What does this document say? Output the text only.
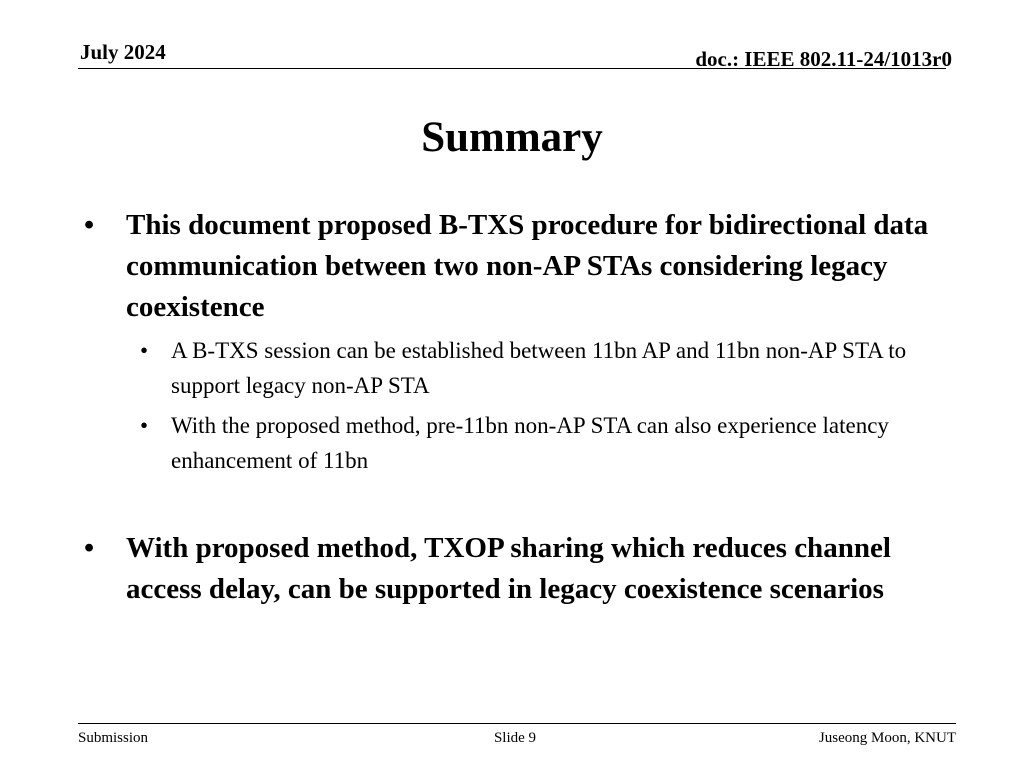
July 2024	doc.: IEEE 802.11-24/1013r0
Summary
• This document proposed B-TXS procedure for bidirectional data communication between two non-AP STAs considering legacy coexistence
• A B-TXS session can be established between 11bn AP and 11bn non-AP STA to support legacy non-AP STA
• With the proposed method, pre-11bn non-AP STA can also experience latency enhancement of 11bn
• With proposed method, TXOP sharing which reduces channel access delay, can be supported in legacy coexistence scenarios
Submission	Slide 9	Juseong Moon, KNUT
